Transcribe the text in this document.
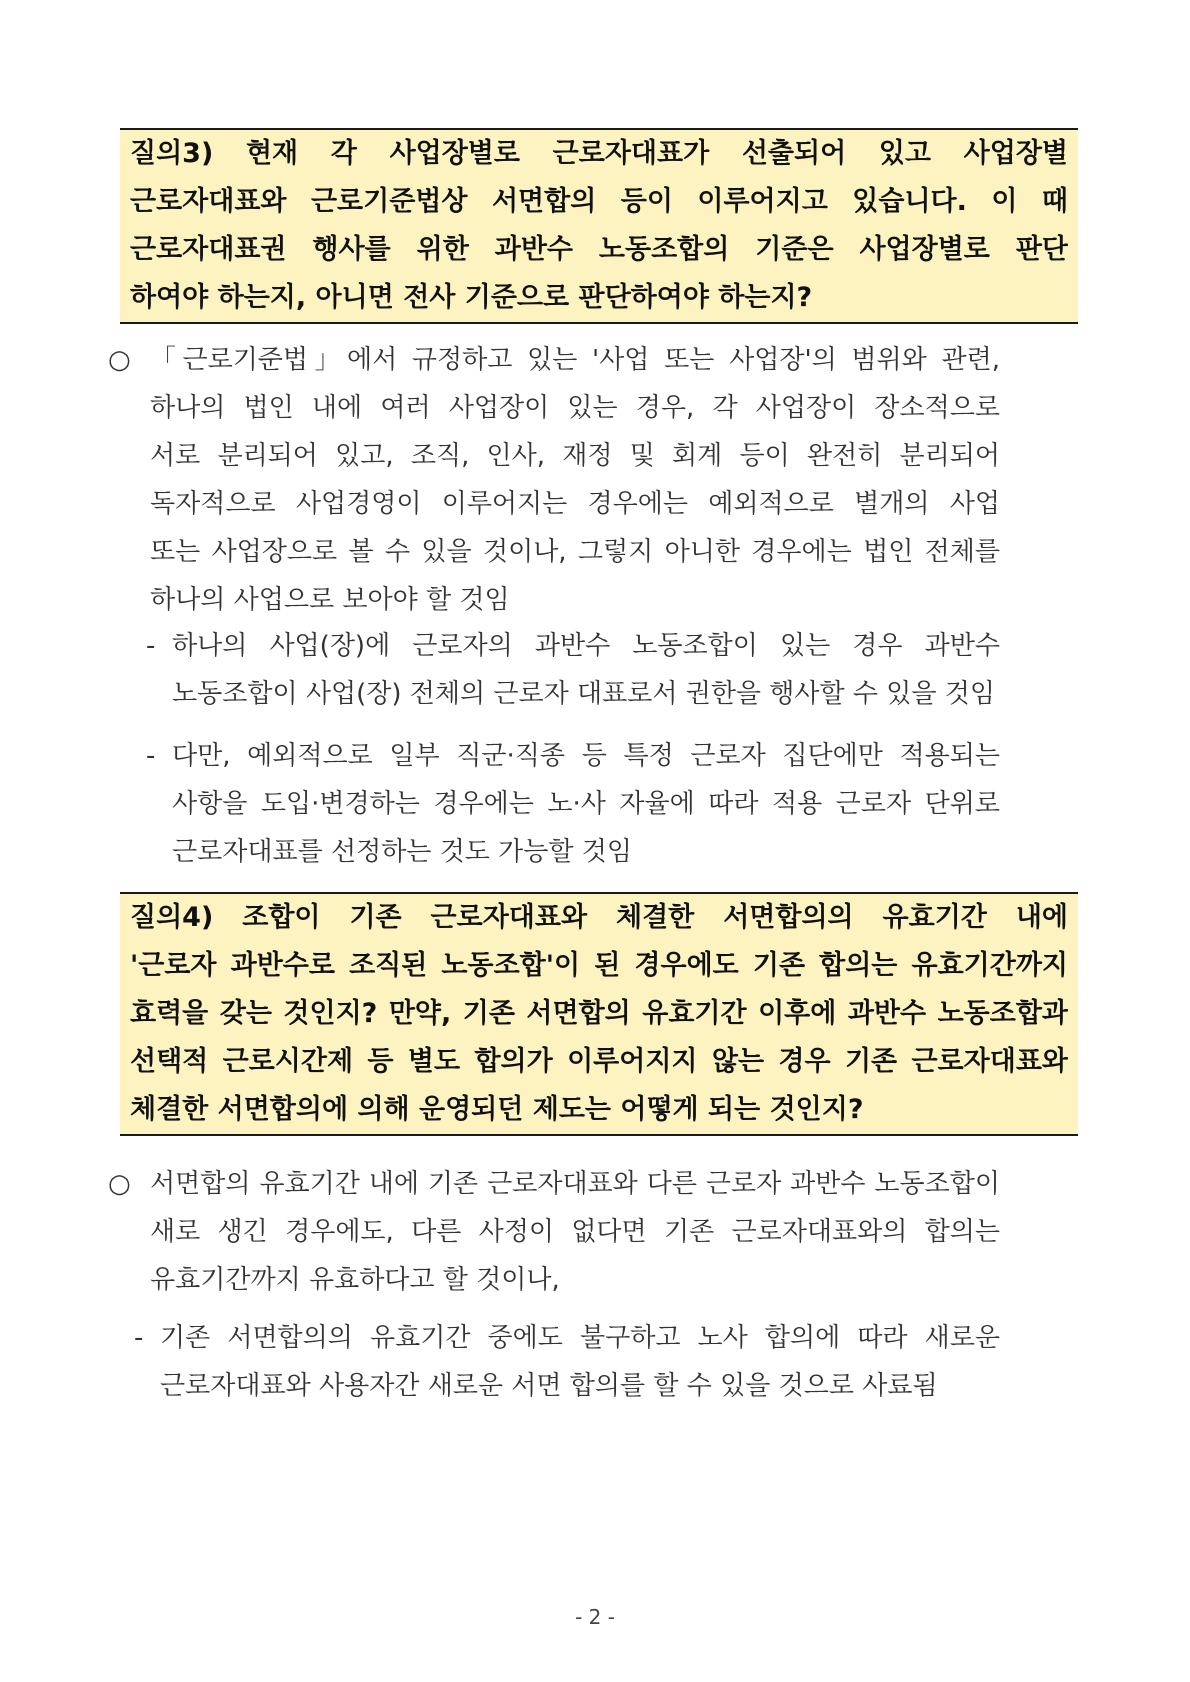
질의3) 현재 각 사업장별로 근로자대표가 선출되어 있고 사업장별
근로자대표와 근로기준법상 서면합의 등이 이루어지고 있습니다. 이 때
근로자대표권 행사를 위한 과반수 노동조합의 기준은 사업장별로 판단
하여야 하는지, 아니면 전사 기준으로 판단하여야 하는지?
○ 「근로기준법」에서 규정하고 있는 '사업 또는 사업장'의 범위와 관련,
하나의 법인 내에 여러 사업장이 있는 경우, 각 사업장이 장소적으로
서로 분리되어 있고, 조직, 인사, 재정 및 회계 등이 완전히 분리되어
독자적으로 사업경영이 이루어지는 경우에는 예외적으로 별개의 사업
또는 사업장으로 볼 수 있을 것이나, 그렇지 아니한 경우에는 법인 전체를
하나의 사업으로 보아야 할 것임
- 하나의 사업(장)에 근로자의 과반수 노동조합이 있는 경우 과반수
노동조합이 사업(장) 전체의 근로자 대표로서 권한을 행사할 수 있을 것임
- 다만, 예외적으로 일부 직군·직종 등 특정 근로자 집단에만 적용되는
사항을 도입·변경하는 경우에는 노·사 자율에 따라 적용 근로자 단위로
근로자대표를 선정하는 것도 가능할 것임
질의4) 조합이 기존 근로자대표와 체결한 서면합의의 유효기간 내에
'근로자 과반수로 조직된 노동조합'이 된 경우에도 기존 합의는 유효기간까지
효력을 갖는 것인지? 만약, 기존 서면합의 유효기간 이후에 과반수 노동조합과
선택적 근로시간제 등 별도 합의가 이루어지지 않는 경우 기존 근로자대표와
체결한 서면합의에 의해 운영되던 제도는 어떻게 되는 것인지?
○ 서면합의 유효기간 내에 기존 근로자대표와 다른 근로자 과반수 노동조합이
새로 생긴 경우에도, 다른 사정이 없다면 기존 근로자대표와의 합의는
유효기간까지 유효하다고 할 것이나,
- 기존 서면합의의 유효기간 중에도 불구하고 노사 합의에 따라 새로운
근로자대표와 사용자간 새로운 서면 합의를 할 수 있을 것으로 사료됨
- 2 -
